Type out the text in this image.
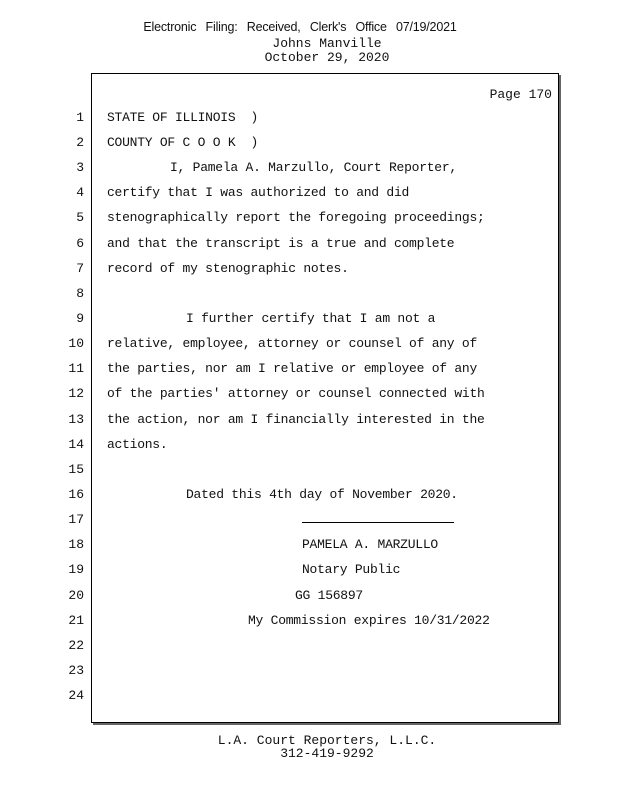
Electronic Filing: Received, Clerk's Office 07/19/2021
Johns Manville
October 29, 2020
Page 170
1
2
3
4
5
6
7
8
9
10
11
12
13
14
15
16
17
18
19
20
21
22
23
24
STATE OF ILLINOIS  )
COUNTY OF C O O K  )
I, Pamela A. Marzullo, Court Reporter,
certify that I was authorized to and did
stenographically report the foregoing proceedings;
and that the transcript is a true and complete
record of my stenographic notes.
I further certify that I am not a
relative, employee, attorney or counsel of any of
the parties, nor am I relative or employee of any
of the parties' attorney or counsel connected with
the action, nor am I financially interested in the
actions.
Dated this 4th day of November 2020.
PAMELA A. MARZULLO
Notary Public
GG 156897
My Commission expires 10/31/2022
L.A. Court Reporters, L.L.C.
312-419-9292
